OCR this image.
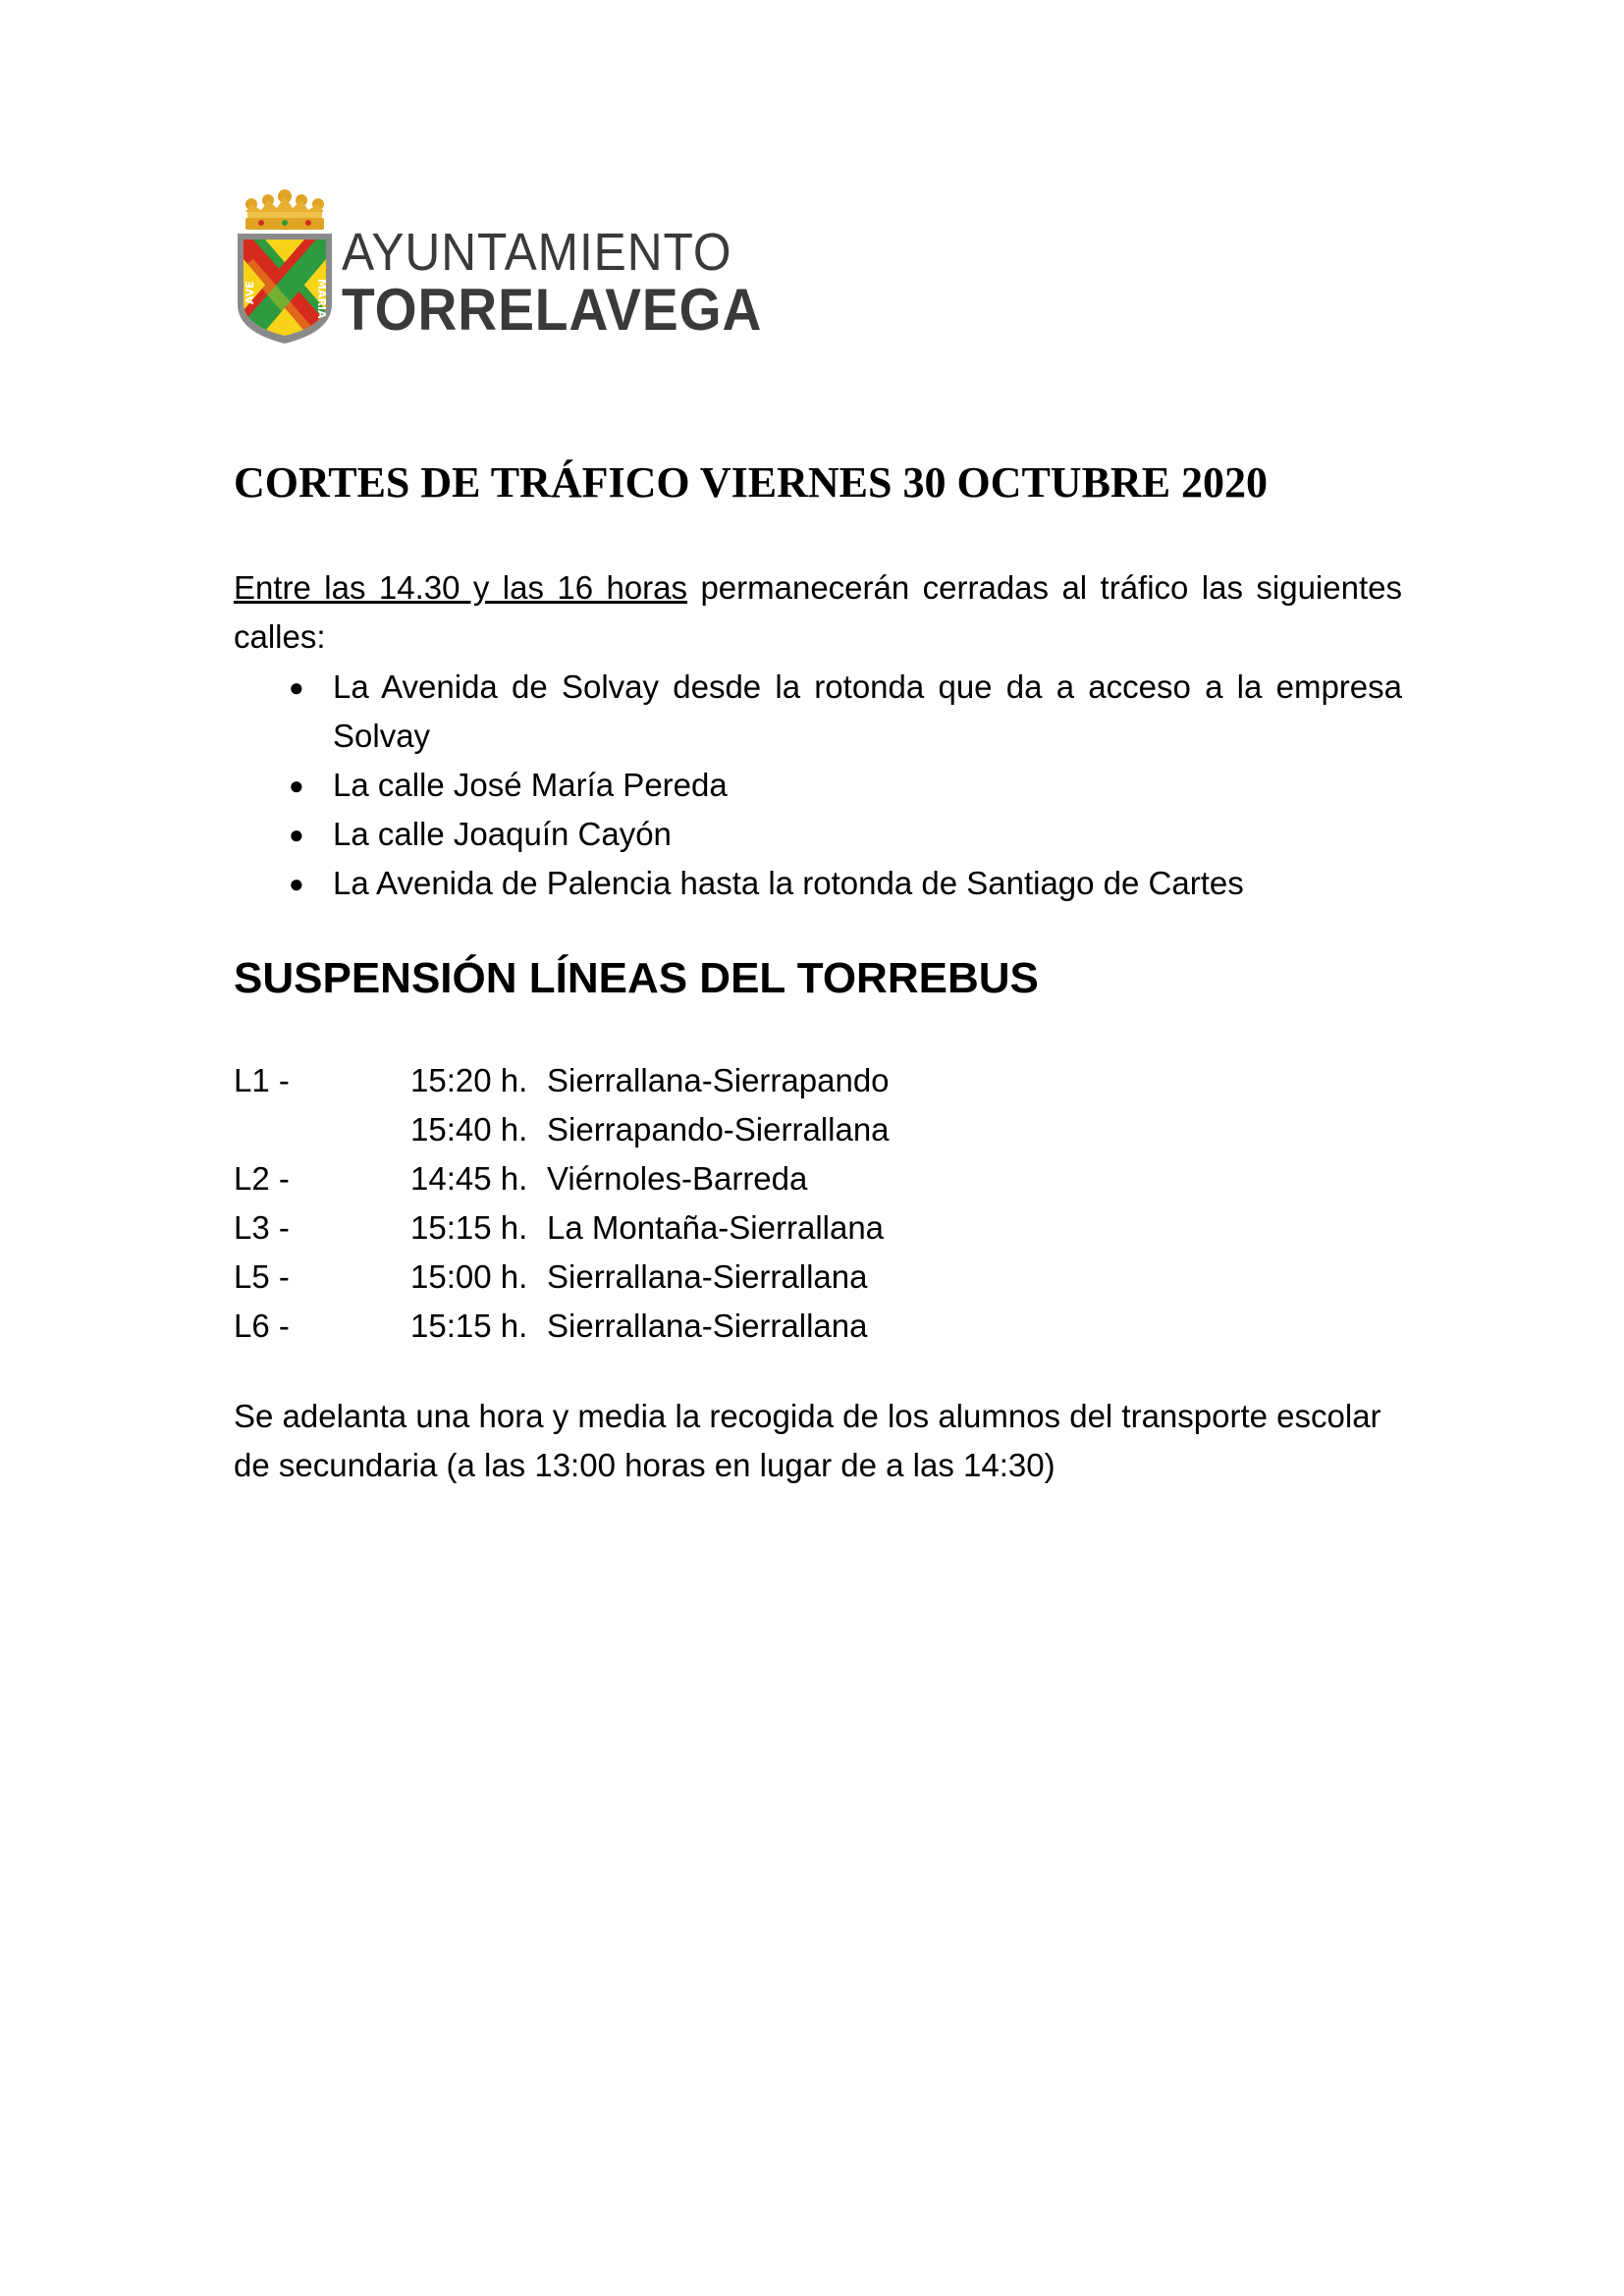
AVE	MARIA
AYUNTAMIENTO
TORRELAVEGA
CORTES DE TRÁFICO VIERNES 30 OCTUBRE 2020

Entre las 14.30 y las 16 horas permanecerán cerradas al tráfico las siguientes calles:

● La Avenida de Solvay desde la rotonda que da a acceso a la empresa Solvay
● La calle José María Pereda
● La calle Joaquín Cayón
● La Avenida de Palencia hasta la rotonda de Santiago de Cartes
SUSPENSIÓN LÍNEAS DEL TORREBUS
L1 -	15:20 h. Sierrallana-Sierrapando
15:40 h. Sierrapando-Sierrallana
L2 -	14:45 h. Viérnoles-Barreda
L3 -	15:15 h. La Montaña-Sierrallana
L5 -	15:00 h. Sierrallana-Sierrallana
L6 -	15:15 h. Sierrallana-Sierrallana

Se adelanta una hora y media la recogida de los alumnos del transporte escolar de secundaria (a las 13:00 horas en lugar de a las 14:30)
